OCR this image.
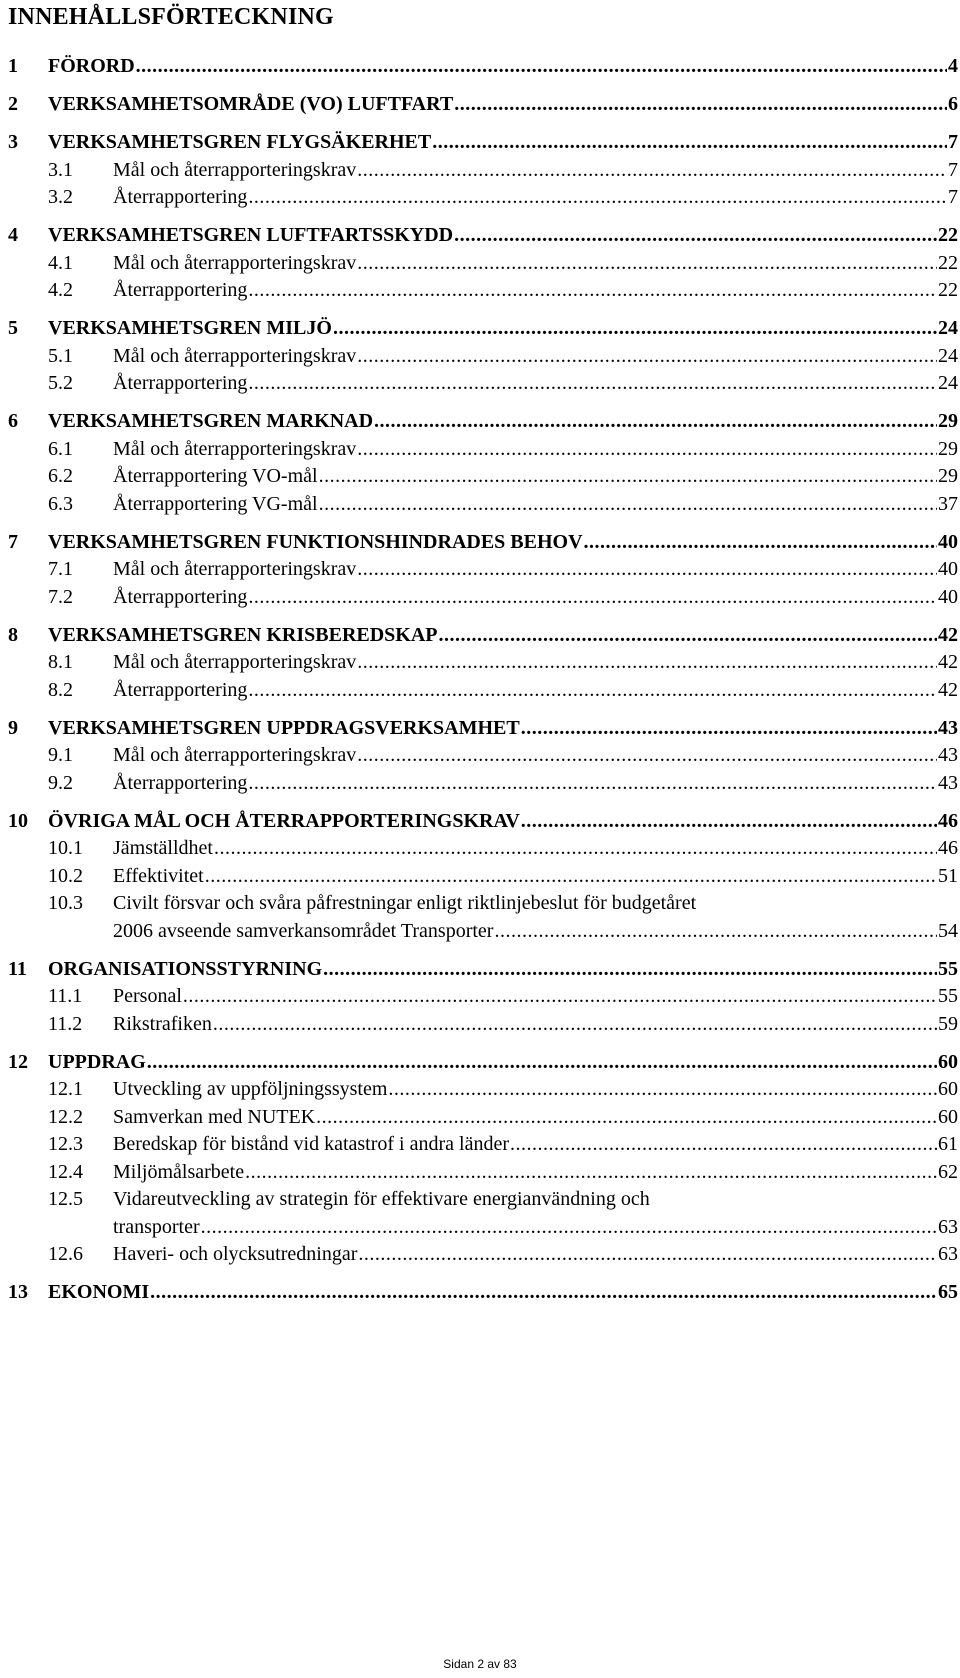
INNEHÅLLSFÖRTECKNING
1	FÖRORD .....	4
2	VERKSAMHETSOMRÅDE (VO) LUFTFART .....	6
3	VERKSAMHETSGREN FLYGSÄKERHET .....	7
3.1	Mål och återrapporteringskrav .....	7
3.2	Återrapportering .....	7
4	VERKSAMHETSGREN LUFTFARTSSKYDD .....	22
4.1	Mål och återrapporteringskrav .....	22
4.2	Återrapportering .....	22
5	VERKSAMHETSGREN MILJÖ .....	24
5.1	Mål och återrapporteringskrav .....	24
5.2	Återrapportering .....	24
6	VERKSAMHETSGREN MARKNAD .....	29
6.1	Mål och återrapporteringskrav .....	29
6.2	Återrapportering VO-mål .....	29
6.3	Återrapportering VG-mål .....	37
7	VERKSAMHETSGREN FUNKTIONSHINDRADES BEHOV .....	40
7.1	Mål och återrapporteringskrav .....	40
7.2	Återrapportering .....	40
8	VERKSAMHETSGREN KRISBEREDSKAP .....	42
8.1	Mål och återrapporteringskrav .....	42
8.2	Återrapportering .....	42
9	VERKSAMHETSGREN UPPDRAGSVERKSAMHET .....	43
9.1	Mål och återrapporteringskrav .....	43
9.2	Återrapportering .....	43
10	ÖVRIGA MÅL OCH ÅTERRAPPORTERINGSKRAV .....	46
10.1	Jämställdhet .....	46
10.2	Effektivitet .....	51
10.3	Civilt försvar och svåra påfrestningar enligt riktlinjebeslut för budgetåret
2006 avseende samverkansområdet Transporter .....	54
11	ORGANISATIONSSTYRNING .....	55
11.1	Personal .....	55
11.2	Rikstrafiken .....	59
12	UPPDRAG .....	60
12.1	Utveckling av uppföljningssystem .....	60
12.2	Samverkan med NUTEK .....	60
12.3	Beredskap för bistånd vid katastrof i andra länder .....	61
12.4	Miljömålsarbete .....	62
12.5	Vidareutveckling av strategin för effektivare energianvändning och
transporter .....	63
12.6	Haveri- och olycksutredningar .....	63
13	EKONOMI .....	65
Sidan 2 av 83
